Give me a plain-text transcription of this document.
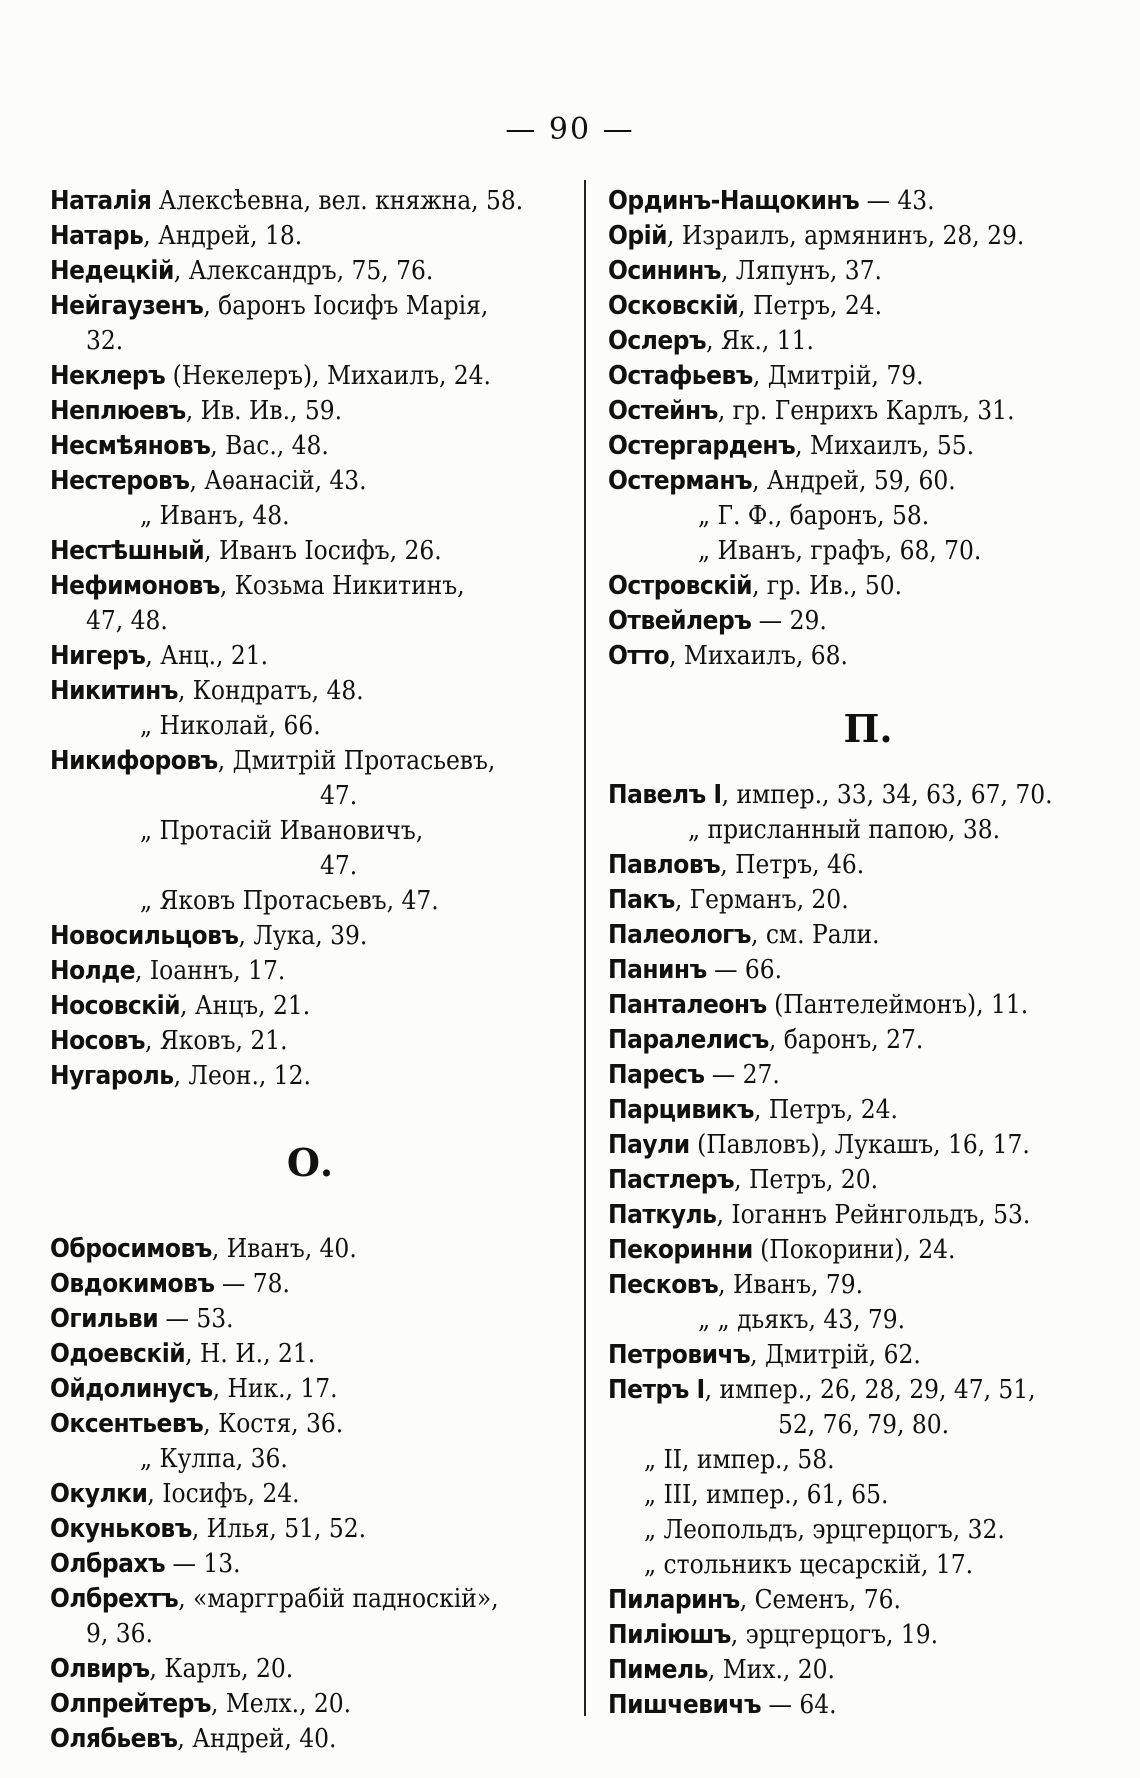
— 90 —
Наталія Алексѣевна, вел. княжна, 58.
Натарь, Андрей, 18.
Недецкій, Александръ, 75, 76.
Нейгаузенъ, баронъ Іосифъ Марія,
32.
Неклеръ (Некелеръ), Михаилъ, 24.
Неплюевъ, Ив. Ив., 59.
Несмѣяновъ, Вас., 48.
Нестеровъ, Аѳанасій, 43.
„ Иванъ, 48.
Нестѣшный, Иванъ Іосифъ, 26.
Нефимоновъ, Козьма Никитинъ,
47, 48.
Нигеръ, Анц., 21.
Никитинъ, Кондратъ, 48.
„ Николай, 66.
Никифоровъ, Дмитрій Протасьевъ,
47.
„ Протасій Ивановичъ,
47.
„ Яковъ Протасьевъ, 47.
Новосильцовъ, Лука, 39.
Нолде, Іоаннъ, 17.
Носовскій, Анцъ, 21.
Носовъ, Яковъ, 21.
Нугароль, Леон., 12.
О.
Обросимовъ, Иванъ, 40.
Овдокимовъ — 78.
Огильви — 53.
Одоевскій, Н. И., 21.
Ойдолинусъ, Ник., 17.
Оксентьевъ, Костя, 36.
„ Кулпа, 36.
Окулки, Іосифъ, 24.
Окуньковъ, Илья, 51, 52.
Олбрахъ — 13.
Олбрехтъ, «маргграбій падноскій»,
9, 36.
Олвиръ, Карлъ, 20.
Олпрейтеръ, Мелх., 20.
Олябьевъ, Андрей, 40.
Ординъ-Нащокинъ — 43.
Орій, Израилъ, армянинъ, 28, 29.
Осининъ, Ляпунъ, 37.
Осковскій, Петръ, 24.
Ослеръ, Як., 11.
Остафьевъ, Дмитрій, 79.
Остейнъ, гр. Генрихъ Карлъ, 31.
Остергарденъ, Михаилъ, 55.
Остерманъ, Андрей, 59, 60.
„ Г. Ф., баронъ, 58.
„ Иванъ, графъ, 68, 70.
Островскій, гр. Ив., 50.
Отвейлеръ — 29.
Отто, Михаилъ, 68.
П.
Павелъ I, импер., 33, 34, 63, 67, 70.
„ присланный папою, 38.
Павловъ, Петръ, 46.
Пакъ, Германъ, 20.
Палеологъ, см. Рали.
Панинъ — 66.
Панталеонъ (Пантелеймонъ), 11.
Паралелисъ, баронъ, 27.
Паресъ — 27.
Парцивикъ, Петръ, 24.
Паули (Павловъ), Лукашъ, 16, 17.
Пастлеръ, Петръ, 20.
Паткуль, Іоганнъ Рейнгольдъ, 53.
Пекоринни (Покорини), 24.
Песковъ, Иванъ, 79.
„ „ дьякъ, 43, 79.
Петровичъ, Дмитрій, 62.
Петръ I, импер., 26, 28, 29, 47, 51,
52, 76, 79, 80.
„ II, импер., 58.
„ III, импер., 61, 65.
„ Леопольдъ, эрцгерцогъ, 32.
„ стольникъ цесарскій, 17.
Пиларинъ, Семенъ, 76.
Пиліюшъ, эрцгерцогъ, 19.
Пимель, Мих., 20.
Пишчевичъ — 64.
